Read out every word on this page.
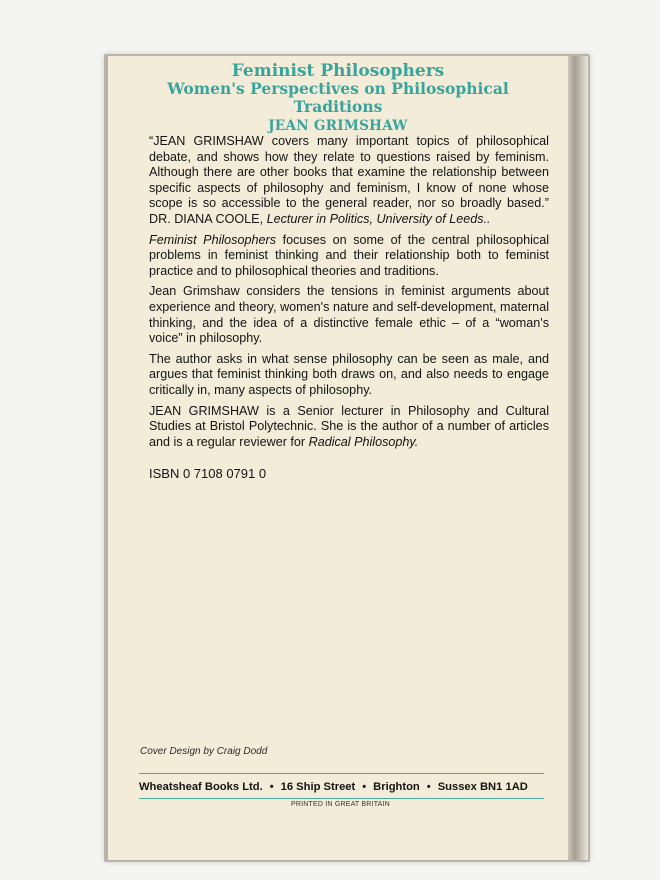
Feminist Philosophers
Women's Perspectives on Philosophical
Traditions
JEAN GRIMSHAW

“JEAN GRIMSHAW covers many important topics of philosophical debate, and shows how they relate to questions raised by feminism. Although there are other books that examine the relationship between specific aspects of philosophy and feminism, I know of none whose scope is so accessible to the general reader, nor so broadly based.” DR. DIANA COOLE, Lecturer in Politics, University of Leeds..

Feminist Philosophers focuses on some of the central philosophical problems in feminist thinking and their relationship both to feminist practice and to philosophical theories and traditions.

Jean Grimshaw considers the tensions in feminist arguments about experience and theory, women's nature and self-development, maternal thinking, and the idea of a distinctive female ethic – of a “woman's voice” in philosophy.

The author asks in what sense philosophy can be seen as male, and argues that feminist thinking both draws on, and also needs to engage critically in, many aspects of philosophy.

JEAN GRIMSHAW is a Senior lecturer in Philosophy and Cultural Studies at Bristol Polytechnic. She is the author of a number of articles and is a regular reviewer for Radical Philosophy.

ISBN 0 7108 0791 0

Cover Design by Craig Dodd
Wheatsheaf Books Ltd. • 16 Ship Street • Brighton • Sussex BN1 1AD
PRINTED IN GREAT BRITAIN
